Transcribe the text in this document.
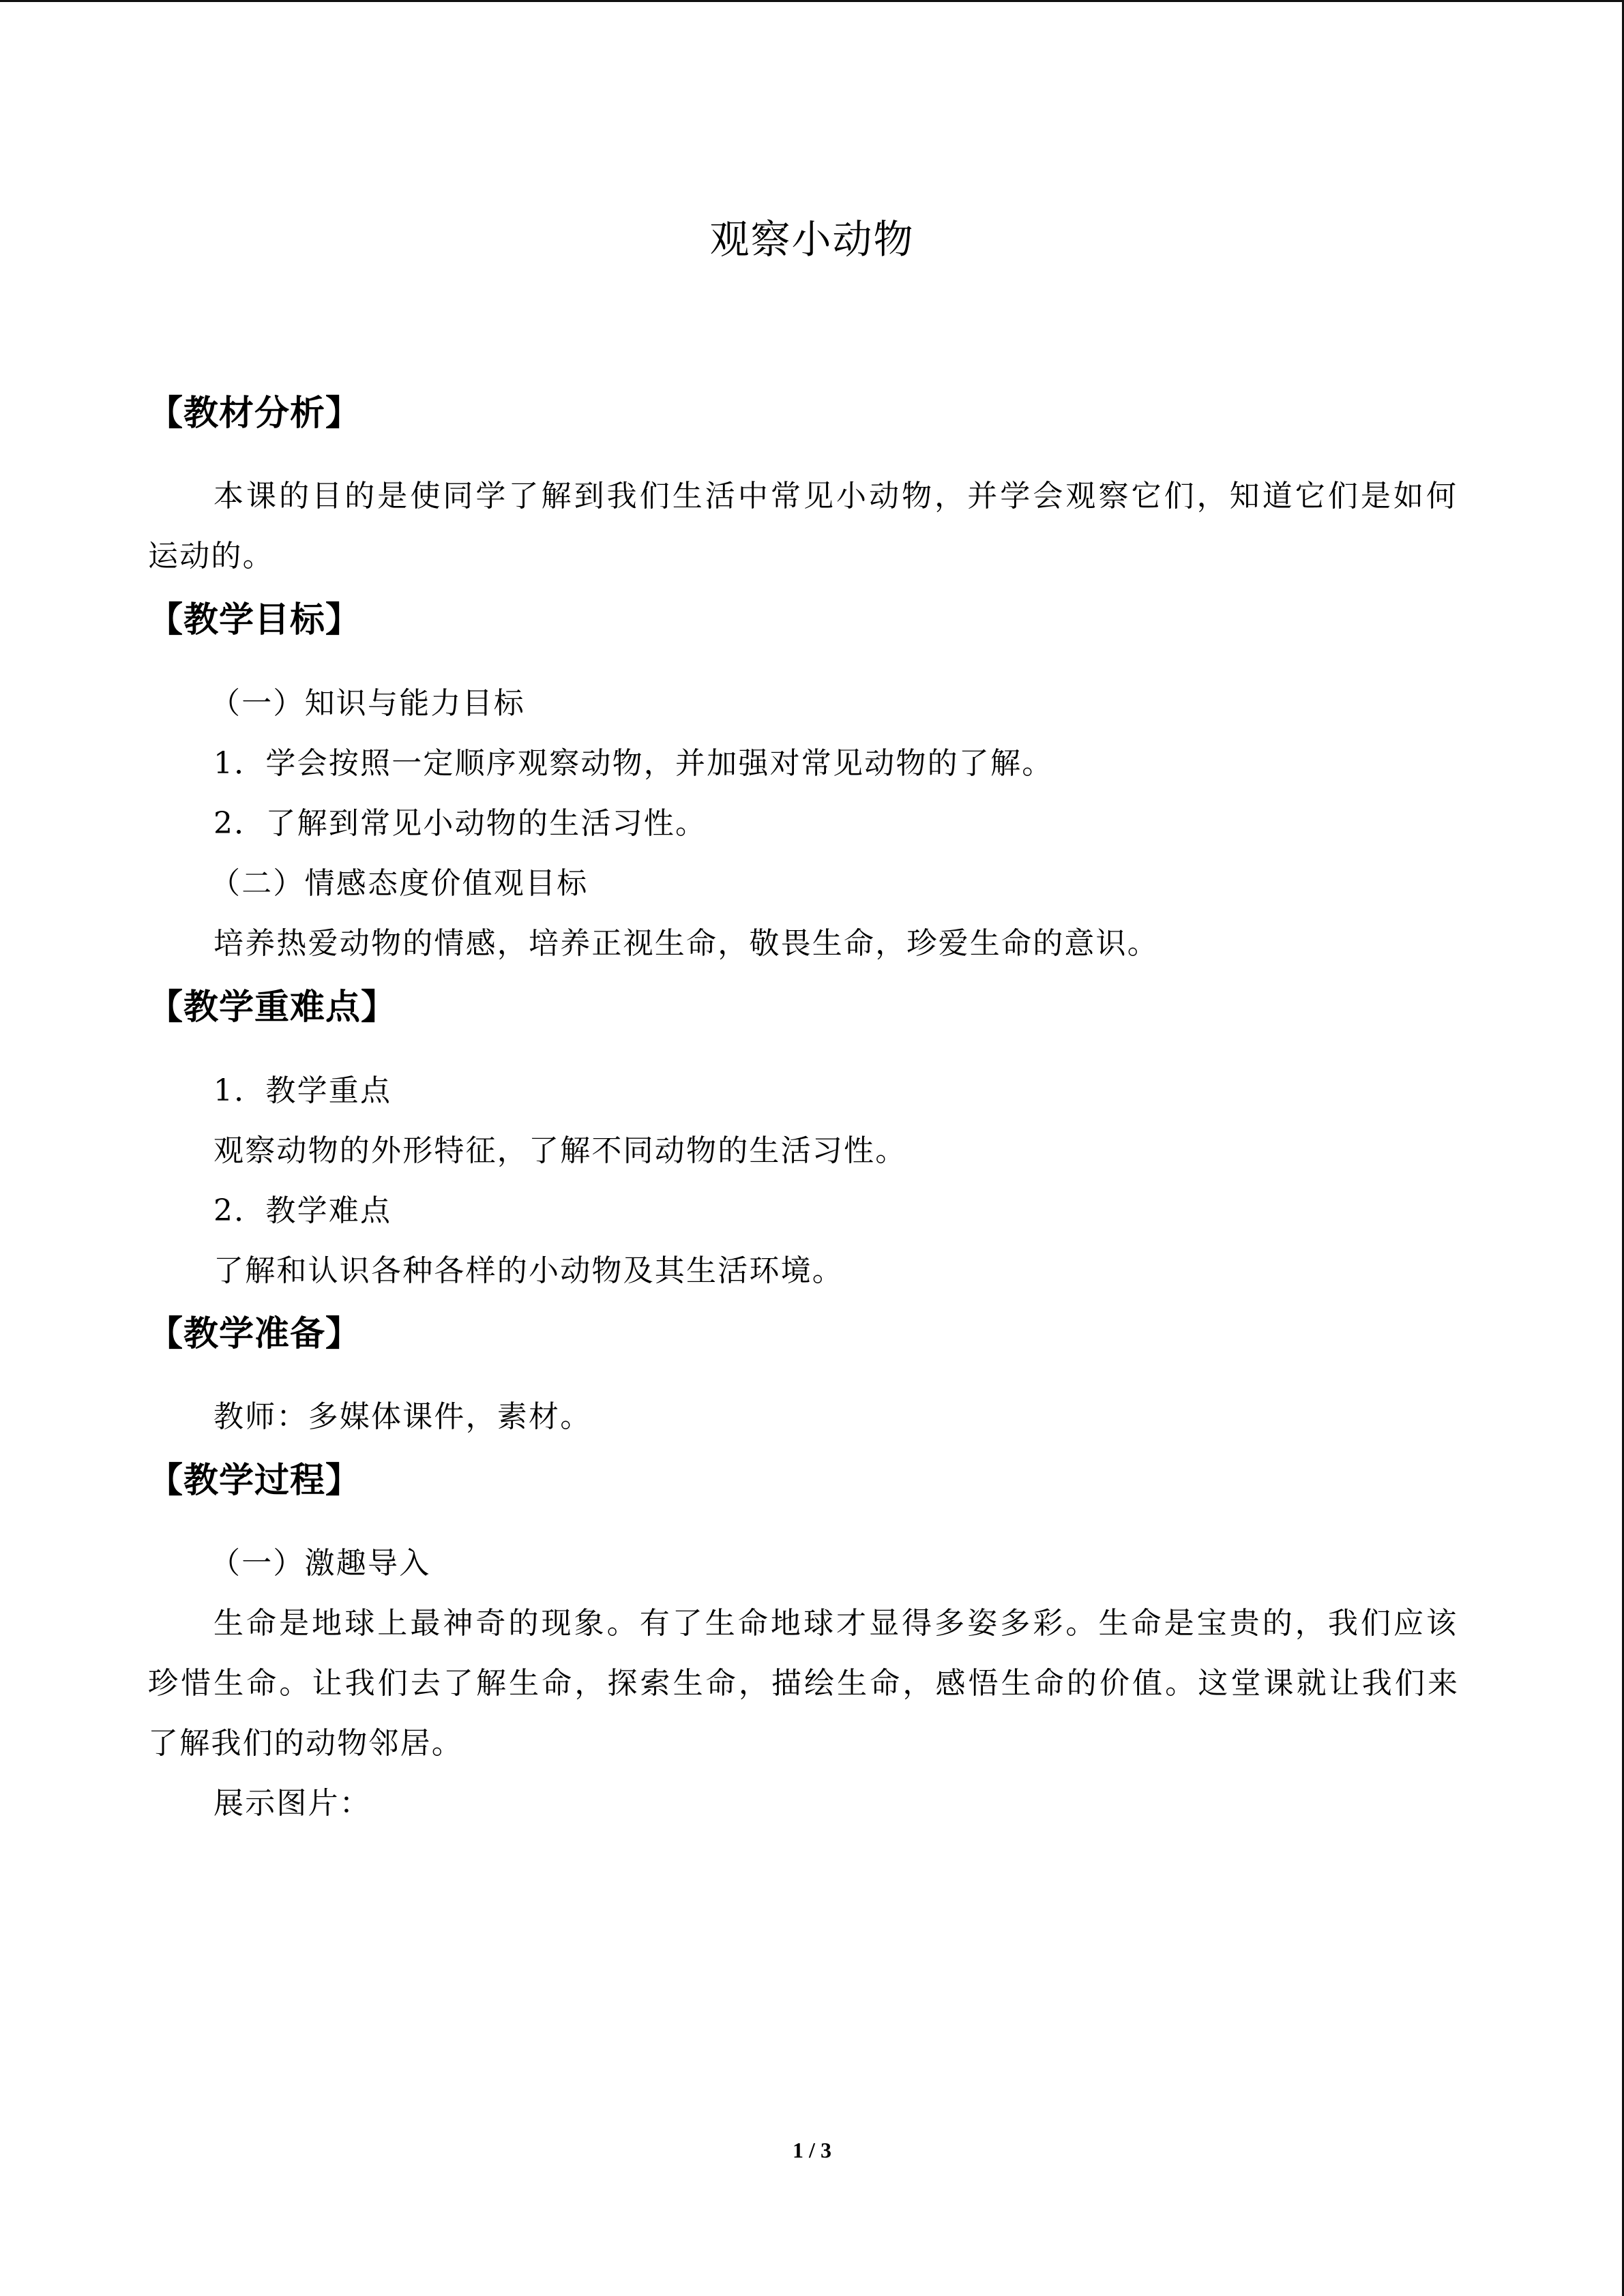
观察小动物
【教材分析】
本课的目的是使同学了解到我们生活中常见小动物，并学会观察它们，知道它们是如何
运动的。
【教学目标】
（一）知识与能力目标
1．学会按照一定顺序观察动物，并加强对常见动物的了解。
2．了解到常见小动物的生活习性。
（二）情感态度价值观目标
培养热爱动物的情感，培养正视生命，敬畏生命，珍爱生命的意识。
【教学重难点】
1．教学重点
观察动物的外形特征，了解不同动物的生活习性。
2．教学难点
了解和认识各种各样的小动物及其生活环境。
【教学准备】
教师：多媒体课件，素材。
【教学过程】
（一）激趣导入
生命是地球上最神奇的现象。有了生命地球才显得多姿多彩。生命是宝贵的，我们应该
珍惜生命。让我们去了解生命，探索生命，描绘生命，感悟生命的价值。这堂课就让我们来
了解我们的动物邻居。
展示图片：
1 / 3
